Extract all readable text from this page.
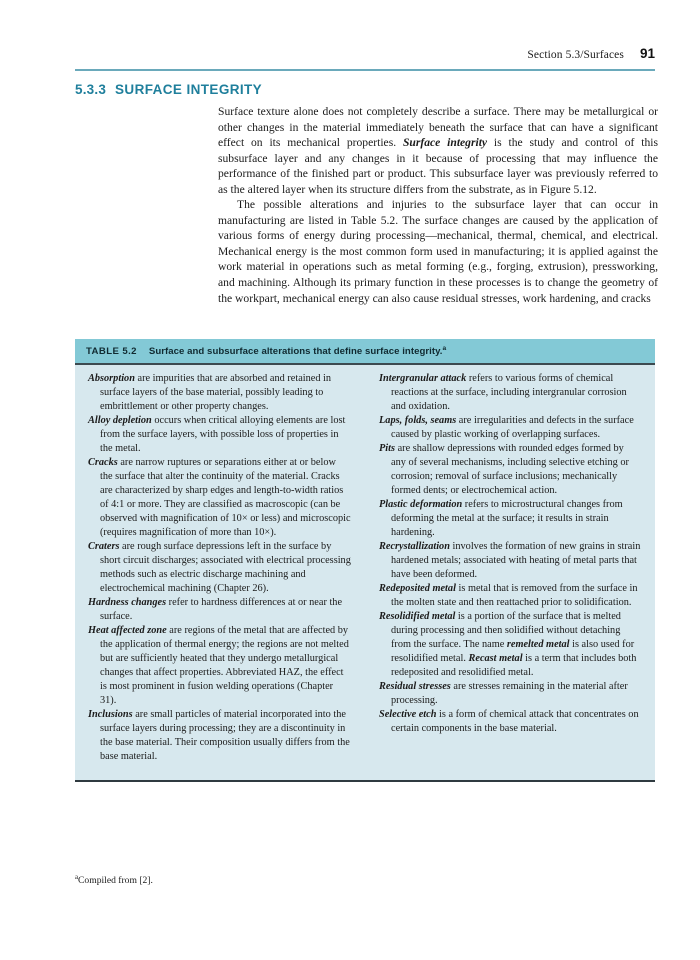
Section 5.3/Surfaces 91
5.3.3 SURFACE INTEGRITY

Surface texture alone does not completely describe a surface. There may be metallurgical or other changes in the material immediately beneath the surface that can have a significant effect on its mechanical properties. Surface integrity is the study and control of this subsurface layer and any changes in it because of processing that may influence the performance of the finished part or product. This subsurface layer was previously referred to as the altered layer when its structure differs from the substrate, as in Figure 5.12.

The possible alterations and injuries to the subsurface layer that can occur in manufacturing are listed in Table 5.2. The surface changes are caused by the application of various forms of energy during processing—mechanical, thermal, chemical, and electrical. Mechanical energy is the most common form used in manufacturing; it is applied against the work material in operations such as metal forming (e.g., forging, extrusion), pressworking, and machining. Although its primary function in these processes is to change the geometry of the workpart, mechanical energy can also cause residual stresses, work hardening, and cracks

TABLE 5.2 Surface and subsurface alterations that define surface integrity.$^a$

Absorption are impurities that are absorbed and retained in surface layers of the base material, possibly leading to embrittlement or other property changes.

Alloy depletion occurs when critical alloying elements are lost from the surface layers, with possible loss of properties in the metal.

Cracks are narrow ruptures or separations either at or below the surface that alter the continuity of the material. Cracks are characterized by sharp edges and length-to-width ratios of 4:1 or more. They are classified as macroscopic (can be observed with magnification of 10× or less) and microscopic (requires magnification of more than 10×).

Craters are rough surface depressions left in the surface by short circuit discharges; associated with electrical processing methods such as electric discharge machining and electrochemical machining (Chapter 26).

Hardness changes refer to hardness differences at or near the surface.

Heat affected zone are regions of the metal that are affected by the application of thermal energy; the regions are not melted but are sufficiently heated that they undergo metallurgical changes that affect properties. Abbreviated HAZ, the effect is most prominent in fusion welding operations (Chapter 31).

Inclusions are small particles of material incorporated into the surface layers during processing; they are a discontinuity in the base material. Their composition usually differs from the base material.

Intergranular attack refers to various forms of chemical reactions at the surface, including intergranular corrosion and oxidation.

Laps, folds, seams are irregularities and defects in the surface caused by plastic working of overlapping surfaces.

Pits are shallow depressions with rounded edges formed by any of several mechanisms, including selective etching or corrosion; removal of surface inclusions; mechanically formed dents; or electrochemical action.

Plastic deformation refers to microstructural changes from deforming the metal at the surface; it results in strain hardening.

Recrystallization involves the formation of new grains in strain hardened metals; associated with heating of metal parts that have been deformed.

Redeposited metal is metal that is removed from the surface in the molten state and then reattached prior to solidification.

Resolidified metal is a portion of the surface that is melted during processing and then solidified without detaching from the surface. The name remelted metal is also used for resolidified metal. Recast metal is a term that includes both redeposited and resolidified metal.

Residual stresses are stresses remaining in the material after processing.

Selective etch is a form of chemical attack that concentrates on certain components in the base material.

$^a$Compiled from [2].
